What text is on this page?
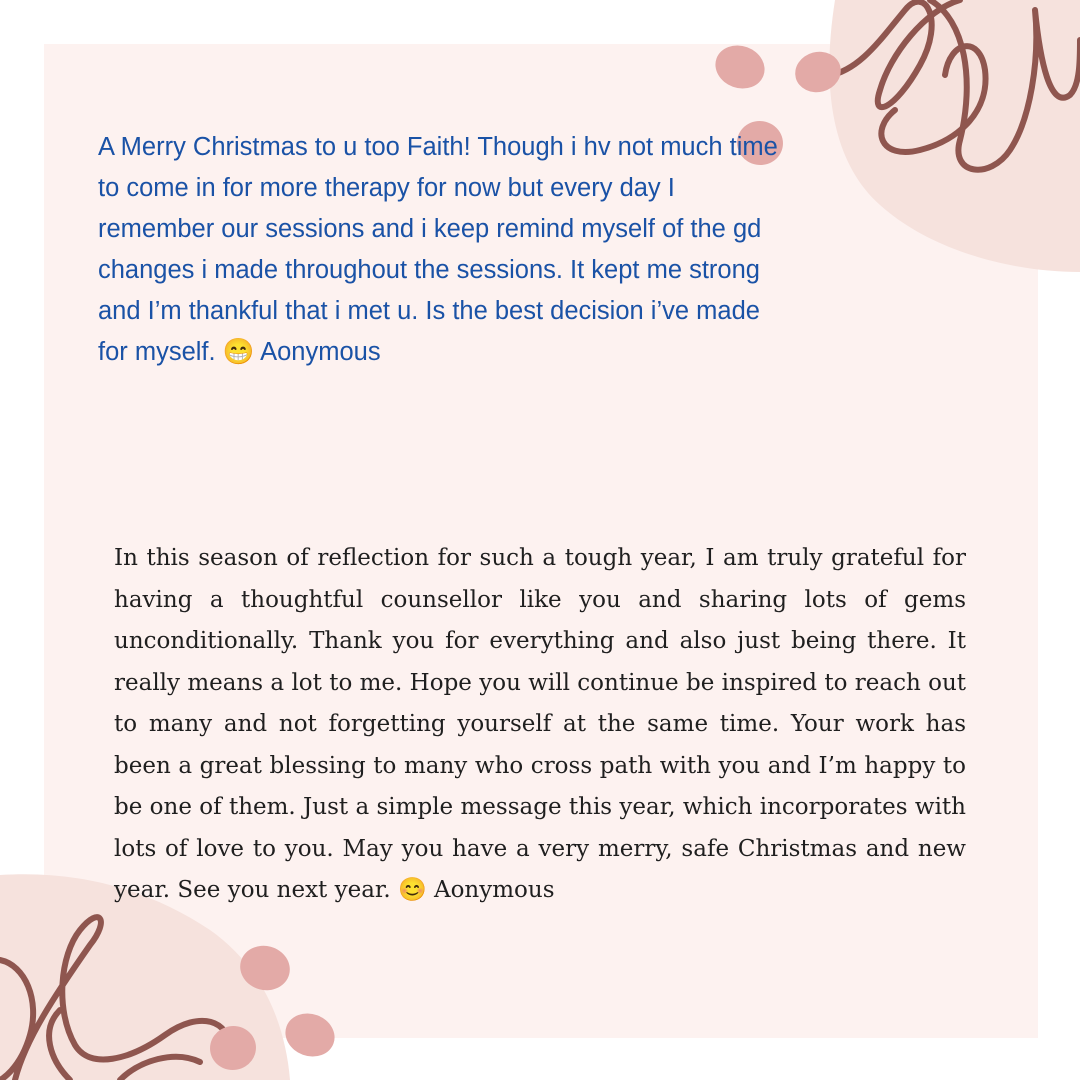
A Merry Christmas to u too Faith! Though i hv not much time to come in for more therapy for now but every day I remember our sessions and i keep remind myself of the gd changes i made throughout the sessions. It kept me strong and I’m thankful that i met u. Is the best decision i’ve made for myself. 😁 Aonymous

In this season of reflection for such a tough year, I am truly grateful for having a thoughtful counsellor like you and sharing lots of gems unconditionally. Thank you for everything and also just being there. It really means a lot to me. Hope you will continue be inspired to reach out to many and not forgetting yourself at the same time. Your work has been a great blessing to many who cross path with you and I’m happy to be one of them. Just a simple message this year, which incorporates with lots of love to you. May you have a very merry, safe Christmas and new year. See you next year. 😊 Aonymous
